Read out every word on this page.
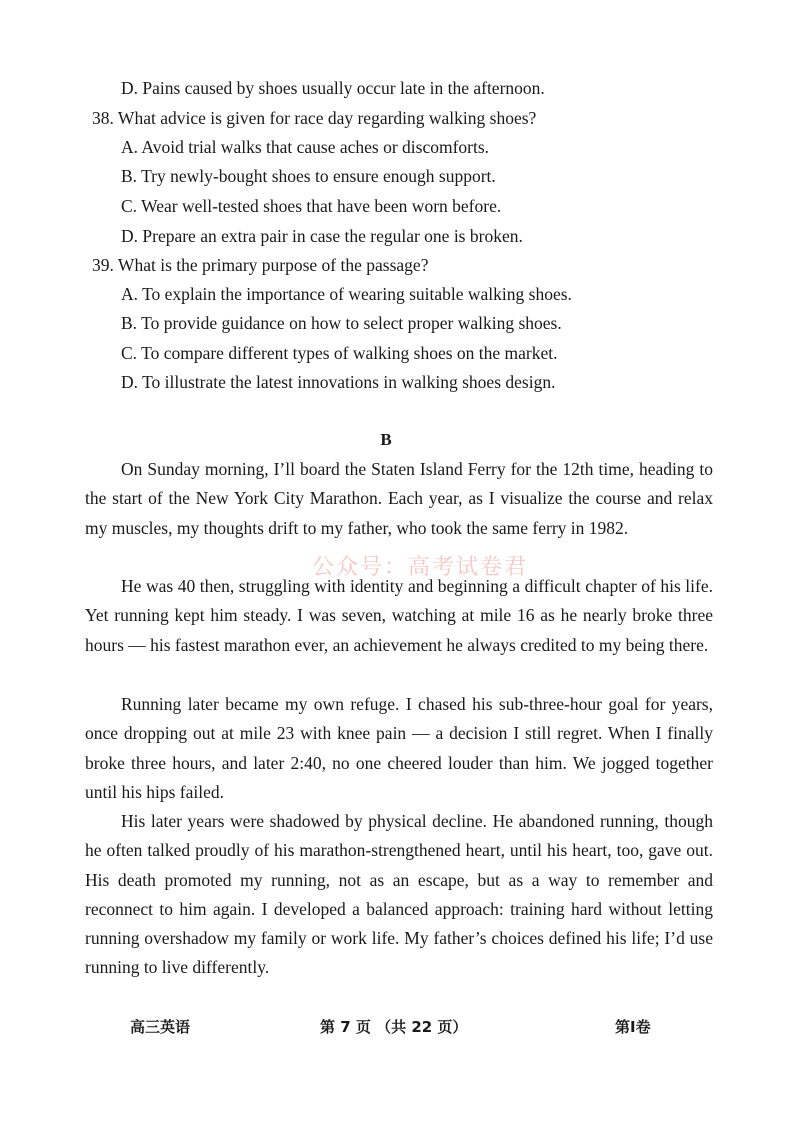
D. Pains caused by shoes usually occur late in the afternoon.
38. What advice is given for race day regarding walking shoes?
A. Avoid trial walks that cause aches or discomforts.
B. Try newly-bought shoes to ensure enough support.
C. Wear well-tested shoes that have been worn before.
D. Prepare an extra pair in case the regular one is broken.
39. What is the primary purpose of the passage?
A. To explain the importance of wearing suitable walking shoes.
B. To provide guidance on how to select proper walking shoes.
C. To compare different types of walking shoes on the market.
D. To illustrate the latest innovations in walking shoes design.
B
On Sunday morning, I’ll board the Staten Island Ferry for the 12th time, heading to the start of the New York City Marathon. Each year, as I visualize the course and relax my muscles, my thoughts drift to my father, who took the same ferry in 1982.
He was 40 then, struggling with identity and beginning a difficult chapter of his life. Yet running kept him steady. I was seven, watching at mile 16 as he nearly broke three hours — his fastest marathon ever, an achievement he always credited to my being there.
Running later became my own refuge. I chased his sub-three-hour goal for years, once dropping out at mile 23 with knee pain — a decision I still regret. When I finally broke three hours, and later 2:40, no one cheered louder than him. We jogged together until his hips failed.
His later years were shadowed by physical decline. He abandoned running, though he often talked proudly of his marathon-strengthened heart, until his heart, too, gave out. His death promoted my running, not as an escape, but as a way to remember and reconnect to him again. I developed a balanced approach: training hard without letting running overshadow my family or work life. My father’s choices defined his life; I’d use running to live differently.
公众号：高考试卷君
高三英语	第 7 页 （共 22 页）	第Ⅰ卷
